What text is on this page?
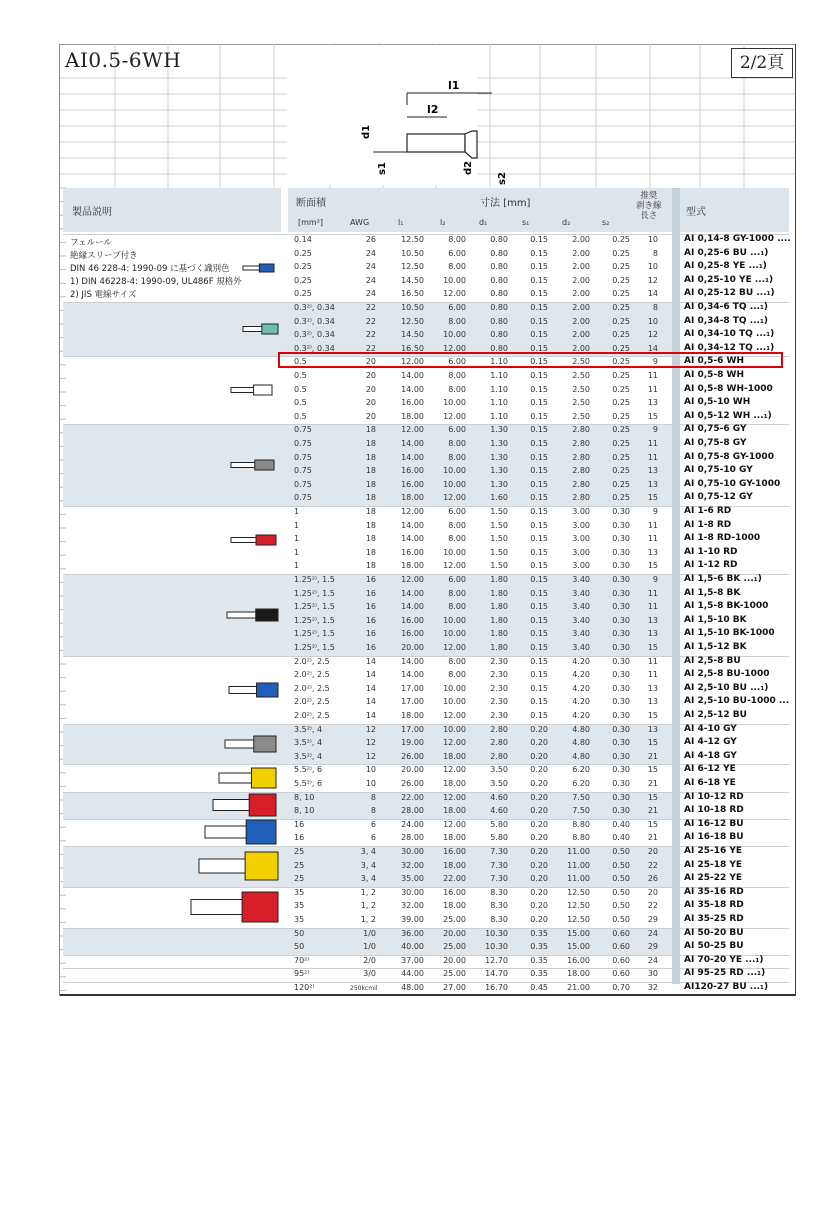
AI0.5-6WH	2/2頁
製品説明
断面積
[mm²]	AWG
寸法 [mm]
l₁	l₂	d₁	s₁	d₂	s₂
推奨
剥き線
長さ	型式
l1
l2
d1
d2
s1
s2
0.14	26	12.50	8.00	0.80	0.15	2.00	0.25	10	AI 0,14-8 GY-1000 ....
0.25	24	10.50	6.00	0.80	0.15	2.00	0.25	8	AI 0,25-6 BU ...₁)
0.25	24	12.50	8.00	0.80	0.15	2.00	0.25	10	AI 0,25-8 YE ...₁)
0.25	24	14.50	10.00	0.80	0.15	2.00	0.25	12	AI 0,25-10 YE ...₁)
0.25	24	16.50	12.00	0.80	0.15	2.00	0.25	14	AI 0,25-12 BU ...₁)
0.3²⁾, 0.34	22	10.50	6.00	0.80	0.15	2.00	0.25	8	AI 0,34-6 TQ ...₁)
0.3²⁾, 0.34	22	12.50	8.00	0.80	0.15	2.00	0.25	10	AI 0,34-8 TQ ...₁)
0.3²⁾, 0.34	22	14.50	10.00	0.80	0.15	2.00	0.25	12	AI 0,34-10 TQ ...₁)
0.3²⁾, 0.34	22	16.50	12.00	0.80	0.15	2.00	0.25	14	AI 0,34-12 TQ ...₁)
0.5	20	12.00	6.00	1.10	0.15	2.50	0.25	9	AI 0,5-6 WH
0.5	20	14.00	8.00	1.10	0.15	2.50	0.25	11	AI 0,5-8 WH
0.5	20	14.00	8.00	1.10	0.15	2.50	0.25	11	AI 0,5-8 WH-1000
0.5	20	16.00	10.00	1.10	0.15	2.50	0.25	13	AI 0,5-10 WH
0.5	20	18.00	12.00	1.10	0.15	2.50	0.25	15	AI 0,5-12 WH ...₁)
0.75	18	12.00	6.00	1.30	0.15	2.80	0.25	9	AI 0,75-6 GY
0.75	18	14.00	8.00	1.30	0.15	2.80	0.25	11	AI 0,75-8 GY
0.75	18	14.00	8.00	1.30	0.15	2.80	0.25	11	AI 0,75-8 GY-1000
0.75	18	16.00	10.00	1.30	0.15	2.80	0.25	13	AI 0,75-10 GY
0.75	18	16.00	10.00	1.30	0.15	2.80	0.25	13	AI 0,75-10 GY-1000
0.75	18	18.00	12.00	1.60	0.15	2.80	0.25	15	AI 0,75-12 GY
1	18	12.00	6.00	1.50	0.15	3.00	0.30	9	AI 1-6 RD
1	18	14.00	8.00	1.50	0.15	3.00	0.30	11	AI 1-8 RD
1	18	14.00	8.00	1.50	0.15	3.00	0.30	11	AI 1-8 RD-1000
1	18	16.00	10.00	1.50	0.15	3.00	0.30	13	AI 1-10 RD
1	18	18.00	12.00	1.50	0.15	3.00	0.30	15	AI 1-12 RD
1.25²⁾, 1.5	16	12.00	6.00	1.80	0.15	3.40	0.30	9	AI 1,5-6 BK ...₁)
1.25²⁾, 1.5	16	14.00	8.00	1.80	0.15	3.40	0.30	11	AI 1,5-8 BK
1.25²⁾, 1.5	16	14.00	8.00	1.80	0.15	3.40	0.30	11	AI 1,5-8 BK-1000
1.25²⁾, 1.5	16	16.00	10.00	1.80	0.15	3.40	0.30	13	AI 1,5-10 BK
1.25²⁾, 1.5	16	16.00	10.00	1.80	0.15	3.40	0.30	13	AI 1,5-10 BK-1000
1.25²⁾, 1.5	16	20.00	12.00	1.80	0.15	3.40	0.30	15	AI 1,5-12 BK
2.0²⁾, 2.5	14	14.00	8.00	2.30	0.15	4.20	0.30	11	AI 2,5-8 BU
2.0²⁾, 2.5	14	14.00	8.00	2.30	0.15	4.20	0.30	11	AI 2,5-8 BU-1000
2.0²⁾, 2.5	14	17.00	10.00	2.30	0.15	4.20	0.30	13	AI 2,5-10 BU ...₁)
2.0²⁾, 2.5	14	17.00	10.00	2.30	0.15	4.20	0.30	13	AI 2,5-10 BU-1000 ...
2.0²⁾, 2.5	14	18.00	12.00	2.30	0.15	4.20	0.30	15	AI 2,5-12 BU
3.5²⁾, 4	12	17.00	10.00	2.80	0.20	4.80	0.30	13	AI 4-10 GY
3.5²⁾, 4	12	19.00	12.00	2.80	0.20	4.80	0.30	15	AI 4-12 GY
3.5²⁾, 4	12	26.00	18.00	2.80	0.20	4.80	0.30	21	AI 4-18 GY
5.5²⁾, 6	10	20.00	12.00	3.50	0.20	6.20	0.30	15	AI 6-12 YE
5.5²⁾, 6	10	26.00	18.00	3.50	0.20	6.20	0.30	21	AI 6-18 YE
8, 10	8	22.00	12.00	4.60	0.20	7.50	0.30	15	AI 10-12 RD
8, 10	8	28.00	18.00	4.60	0.20	7.50	0.30	21	AI 10-18 RD
16	6	24.00	12.00	5.80	0.20	8.80	0.40	15	AI 16-12 BU
16	6	28.00	18.00	5.80	0.20	8.80	0.40	21	AI 16-18 BU
25	3, 4	30.00	16.00	7.30	0.20	11.00	0.50	20	AI 25-16 YE
25	3, 4	32.00	18.00	7.30	0.20	11.00	0.50	22	AI 25-18 YE
25	3, 4	35.00	22.00	7.30	0.20	11.00	0.50	26	AI 25-22 YE
35	1, 2	30.00	16.00	8.30	0.20	12.50	0.50	20	AI 35-16 RD
35	1, 2	32.00	18.00	8.30	0.20	12.50	0.50	22	AI 35-18 RD
35	1, 2	39.00	25.00	8.30	0.20	12.50	0.50	29	AI 35-25 RD
50	1/0	36.00	20.00	10.30	0.35	15.00	0.60	24	AI 50-20 BU
50	1/0	40.00	25.00	10.30	0.35	15.00	0.60	29	AI 50-25 BU
70²⁾	2/0	37.00	20.00	12.70	0.35	16.00	0.60	24	AI 70-20 YE ...₁)
95²⁾	3/0	44.00	25.00	14.70	0.35	18.00	0.60	30	AI 95-25 RD ...₁)
120²⁾	250kcmil	48.00	27.00	16.70	0.45	21.00	0.70	32	AI120-27 BU ...₁)
フェルール
絶縁スリーブ付き
DIN 46 228-4: 1990-09 に基づく識別色
1) DIN 46228-4: 1990-09, UL486F 規格外
2) JIS 電線サイズ
